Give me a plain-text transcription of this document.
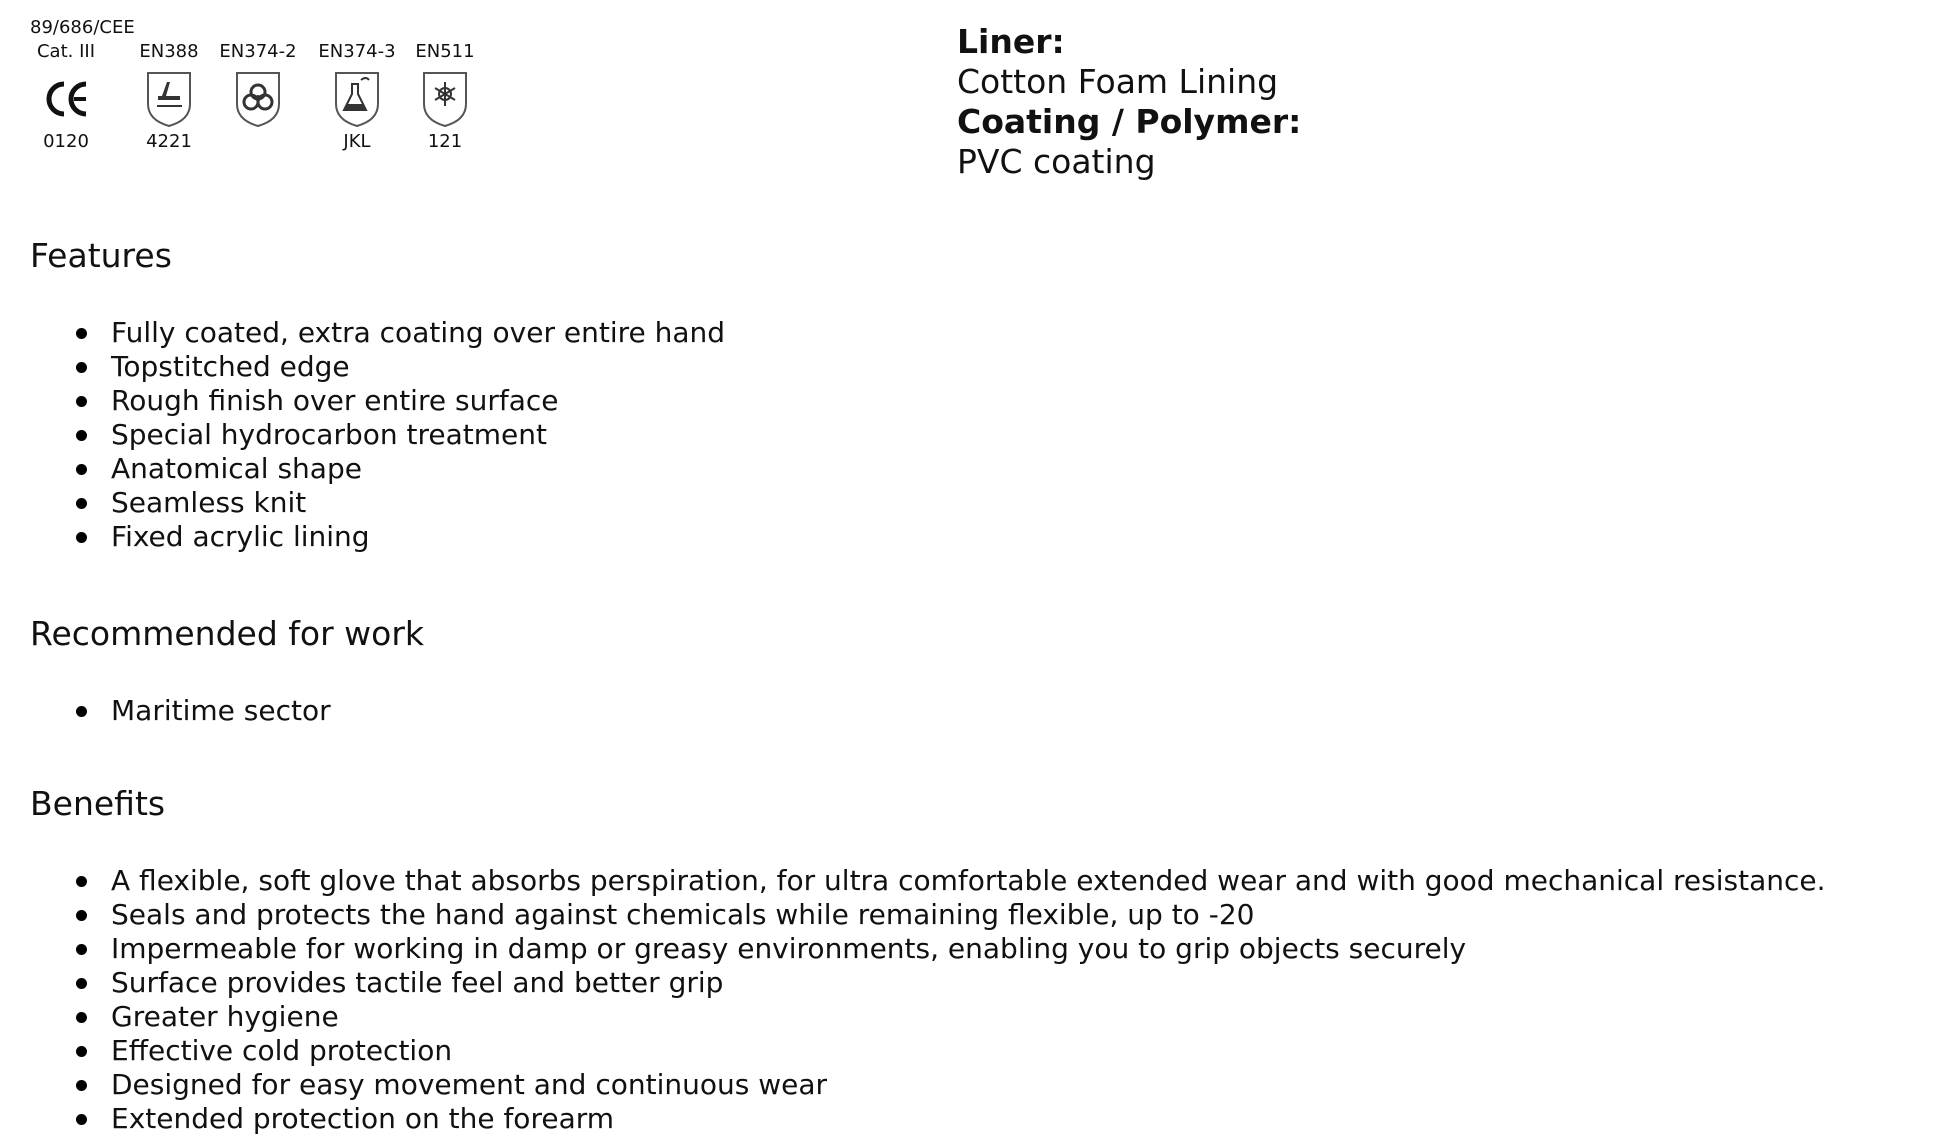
89/686/CEE
Cat. III
0120
EN388
4221
EN374-2	EN374-3
JKL
EN511
121
Liner:
Cotton Foam Lining
Coating / Polymer:
PVC coating
Features
Fully coated, extra coating over entire hand
Topstitched edge
Rough finish over entire surface
Special hydrocarbon treatment
Anatomical shape
Seamless knit
Fixed acrylic lining
Recommended for work
Maritime sector
Benefits
A flexible, soft glove that absorbs perspiration, for ultra comfortable extended wear and with good mechanical resistance.
Seals and protects the hand against chemicals while remaining flexible, up to -20
Impermeable for working in damp or greasy environments, enabling you to grip objects securely
Surface provides tactile feel and better grip
Greater hygiene
Effective cold protection
Designed for easy movement and continuous wear
Extended protection on the forearm
